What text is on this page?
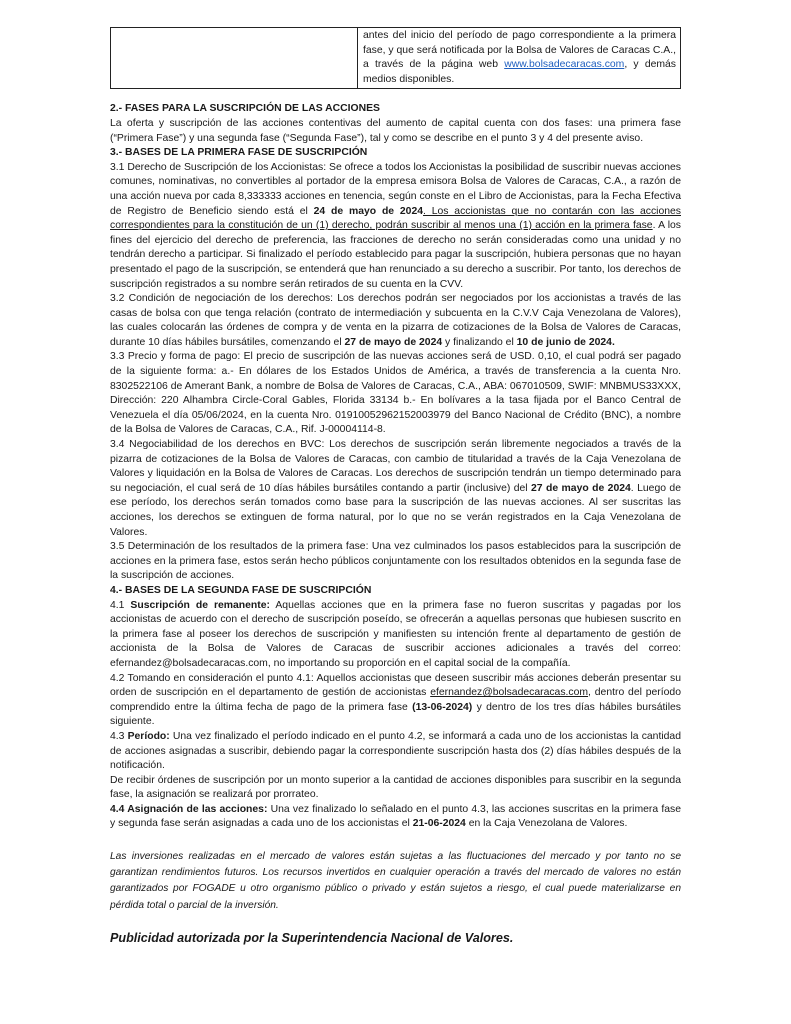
	antes del inicio del período de pago correspondiente a la primera fase, y que será notificada por la Bolsa de Valores de Caracas C.A., a través de la página web www.bolsadecaracas.com, y demás medios disponibles.

2.- FASES PARA LA SUSCRIPCIÓN DE LAS ACCIONES

La oferta y suscripción de las acciones contentivas del aumento de capital cuenta con dos fases: una primera fase (“Primera Fase”) y una segunda fase (“Segunda Fase”), tal y como se describe en el punto 3 y 4 del presente aviso.

3.- BASES DE LA PRIMERA FASE DE SUSCRIPCIÓN

3.1 Derecho de Suscripción de los Accionistas: Se ofrece a todos los Accionistas la posibilidad de suscribir nuevas acciones comunes, nominativas, no convertibles al portador de la empresa emisora Bolsa de Valores de Caracas, C.A., a razón de una acción nueva por cada 8,333333 acciones en tenencia, según conste en el Libro de Accionistas, para la Fecha Efectiva de Registro de Beneficio siendo está el 24 de mayo de 2024. Los accionistas que no contarán con las acciones correspondientes para la constitución de un (1) derecho, podrán suscribir al menos una (1) acción en la primera fase. A los fines del ejercicio del derecho de preferencia, las fracciones de derecho no serán consideradas como una unidad y no tendrán derecho a participar. Si finalizado el período establecido para pagar la suscripción, hubiera personas que no hayan presentado el pago de la suscripción, se entenderá que han renunciado a su derecho a suscribir. Por tanto, los derechos de suscripción registrados a su nombre serán retirados de su cuenta en la CVV.

3.2 Condición de negociación de los derechos: Los derechos podrán ser negociados por los accionistas a través de las casas de bolsa con que tenga relación (contrato de intermediación y subcuenta en la C.V.V Caja Venezolana de Valores), las cuales colocarán las órdenes de compra y de venta en la pizarra de cotizaciones de la Bolsa de Valores de Caracas, durante 10 días hábiles bursátiles, comenzando el 27 de mayo de 2024 y finalizando el 10 de junio de 2024.

3.3 Precio y forma de pago: El precio de suscripción de las nuevas acciones será de USD. 0,10, el cual podrá ser pagado de la siguiente forma: a.- En dólares de los Estados Unidos de América, a través de transferencia a la cuenta Nro. 8302522106 de Amerant Bank, a nombre de Bolsa de Valores de Caracas, C.A., ABA: 067010509, SWIF: MNBMUS33XXX, Dirección: 220 Alhambra Circle-Coral Gables, Florida 33134 b.- En bolívares a la tasa fijada por el Banco Central de Venezuela el día 05/06/2024, en la cuenta Nro. 01910052962152003979 del Banco Nacional de Crédito (BNC), a nombre de la Bolsa de Valores de Caracas, C.A., Rif. J-00004114-8.

3.4 Negociabilidad de los derechos en BVC: Los derechos de suscripción serán libremente negociados a través de la pizarra de cotizaciones de la Bolsa de Valores de Caracas, con cambio de titularidad a través de la Caja Venezolana de Valores y liquidación en la Bolsa de Valores de Caracas. Los derechos de suscripción tendrán un tiempo determinado para su negociación, el cual será de 10 días hábiles bursátiles contando a partir (inclusive) del 27 de mayo de 2024. Luego de ese período, los derechos serán tomados como base para la suscripción de las nuevas acciones. Al ser suscritas las acciones, los derechos se extinguen de forma natural, por lo que no se verán registrados en la Caja Venezolana de Valores.

3.5 Determinación de los resultados de la primera fase: Una vez culminados los pasos establecidos para la suscripción de acciones en la primera fase, estos serán hecho públicos conjuntamente con los resultados obtenidos en la segunda fase de la suscripción de acciones.

4.- BASES DE LA SEGUNDA FASE DE SUSCRIPCIÓN

4.1 Suscripción de remanente: Aquellas acciones que en la primera fase no fueron suscritas y pagadas por los accionistas de acuerdo con el derecho de suscripción poseído, se ofrecerán a aquellas personas que hubiesen suscrito en la primera fase al poseer los derechos de suscripción y manifiesten su intención frente al departamento de gestión de accionista de la Bolsa de Valores de Caracas de suscribir acciones adicionales a través del correo: efernandez@bolsadecaracas.com, no importando su proporción en el capital social de la compañía.

4.2 Tomando en consideración el punto 4.1: Aquellos accionistas que deseen suscribir más acciones deberán presentar su orden de suscripción en el departamento de gestión de accionistas efernandez@bolsadecaracas.com, dentro del período comprendido entre la última fecha de pago de la primera fase (13-06-2024) y dentro de los tres días hábiles bursátiles siguiente.

4.3 Período: Una vez finalizado el período indicado en el punto 4.2, se informará a cada uno de los accionistas la cantidad de acciones asignadas a suscribir, debiendo pagar la correspondiente suscripción hasta dos (2) días hábiles después de la notificación.

De recibir órdenes de suscripción por un monto superior a la cantidad de acciones disponibles para suscribir en la segunda fase, la asignación se realizará por prorrateo.

4.4 Asignación de las acciones: Una vez finalizado lo señalado en el punto 4.3, las acciones suscritas en la primera fase y segunda fase serán asignadas a cada uno de los accionistas el 21-06-2024 en la Caja Venezolana de Valores.

Las inversiones realizadas en el mercado de valores están sujetas a las fluctuaciones del mercado y por tanto no se garantizan rendimientos futuros. Los recursos invertidos en cualquier operación a través del mercado de valores no están garantizados por FOGADE u otro organismo público o privado y están sujetos a riesgo, el cual puede materializarse en pérdida total o parcial de la inversión.

Publicidad autorizada por la Superintendencia Nacional de Valores.
